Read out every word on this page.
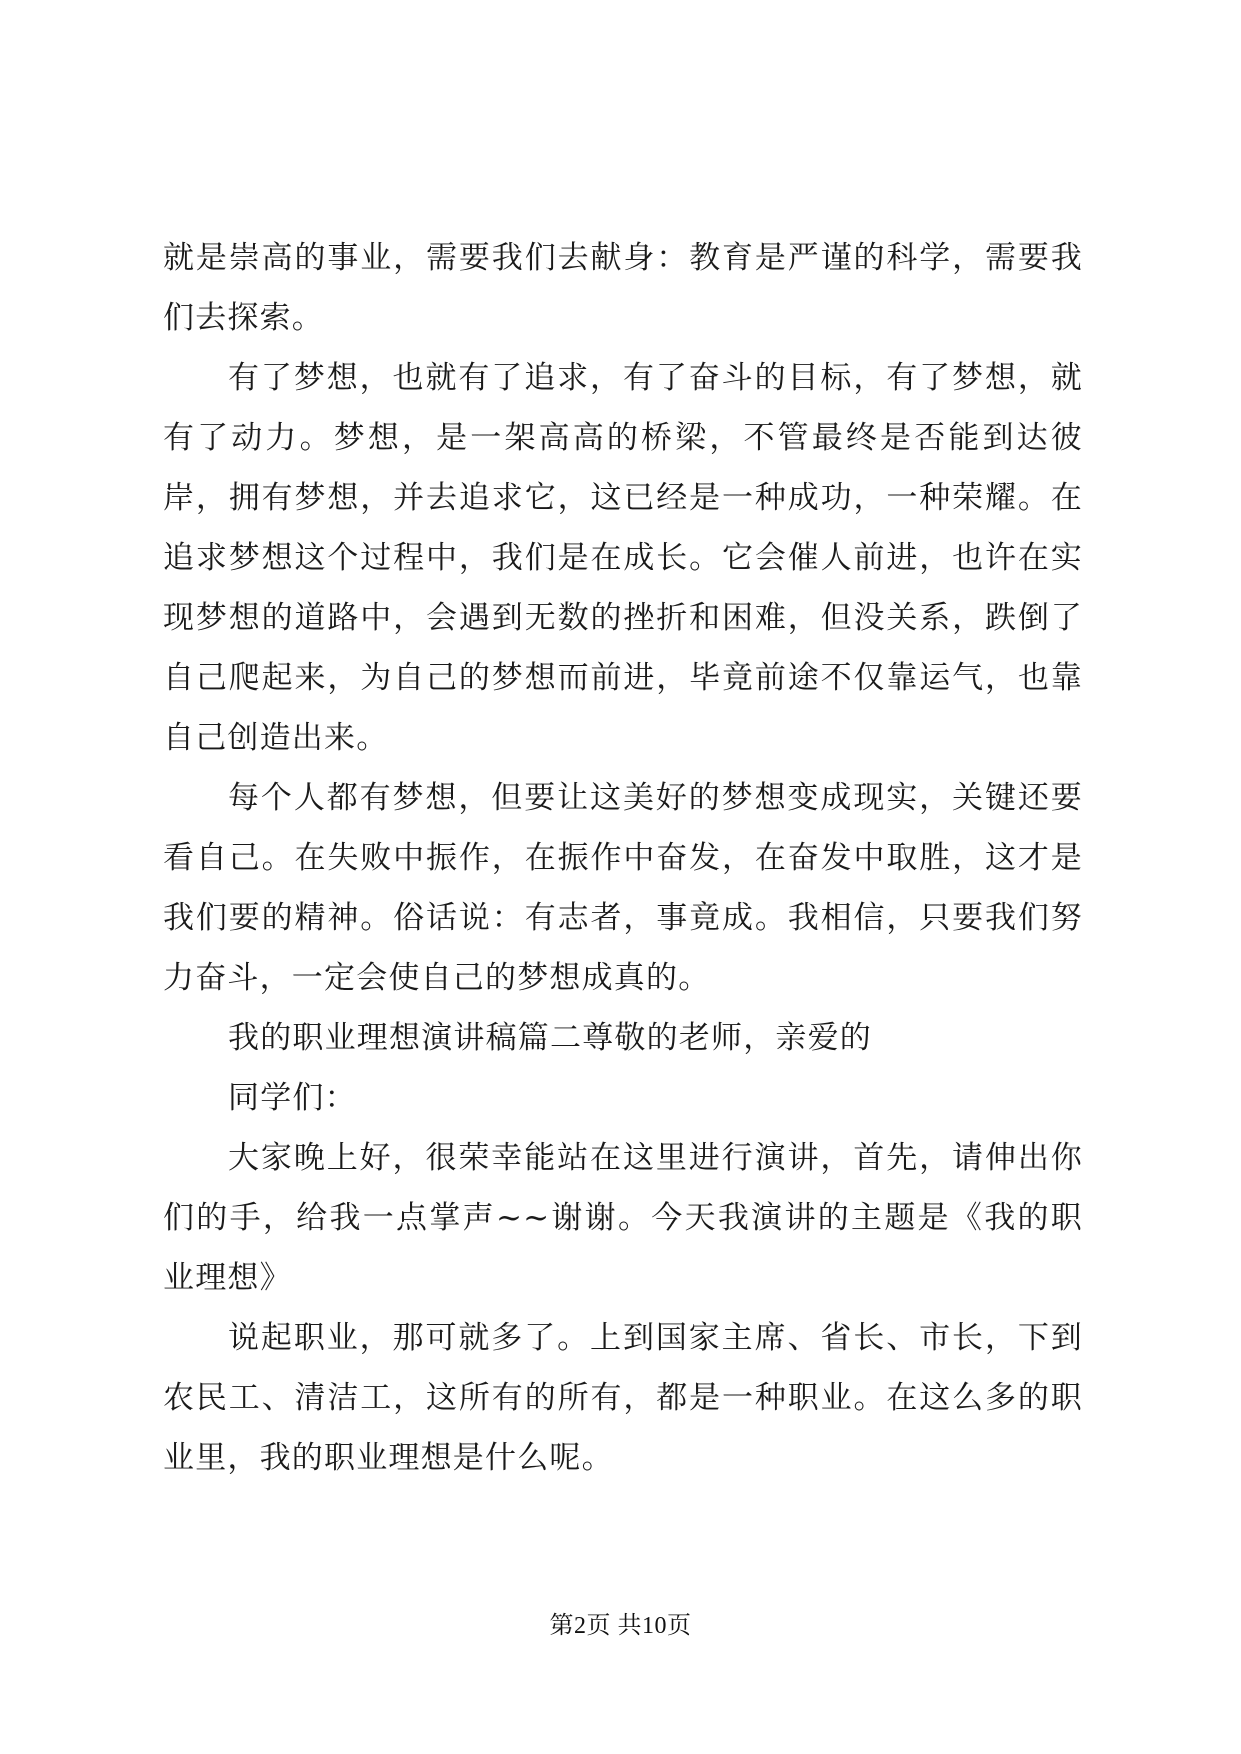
就是崇高的事业，需要我们去献身：教育是严谨的科学，需要我们去探索。

有了梦想，也就有了追求，有了奋斗的目标，有了梦想，就有了动力。梦想，是一架高高的桥梁，不管最终是否能到达彼岸，拥有梦想，并去追求它，这已经是一种成功，一种荣耀。在追求梦想这个过程中，我们是在成长。它会催人前进，也许在实现梦想的道路中，会遇到无数的挫折和困难，但没关系，跌倒了自己爬起来，为自己的梦想而前进，毕竟前途不仅靠运气，也靠自己创造出来。

每个人都有梦想，但要让这美好的梦想变成现实，关键还要看自己。在失败中振作，在振作中奋发，在奋发中取胜，这才是我们要的精神。俗话说：有志者，事竟成。我相信，只要我们努力奋斗，一定会使自己的梦想成真的。

我的职业理想演讲稿篇二尊敬的老师，亲爱的

同学们：

大家晚上好，很荣幸能站在这里进行演讲，首先，请伸出你们的手，给我一点掌声~~谢谢。今天我演讲的主题是《我的职业理想》

说起职业，那可就多了。上到国家主席、省长、市长，下到农民工、清洁工，这所有的所有，都是一种职业。在这么多的职业里，我的职业理想是什么呢。

第2页 共10页
